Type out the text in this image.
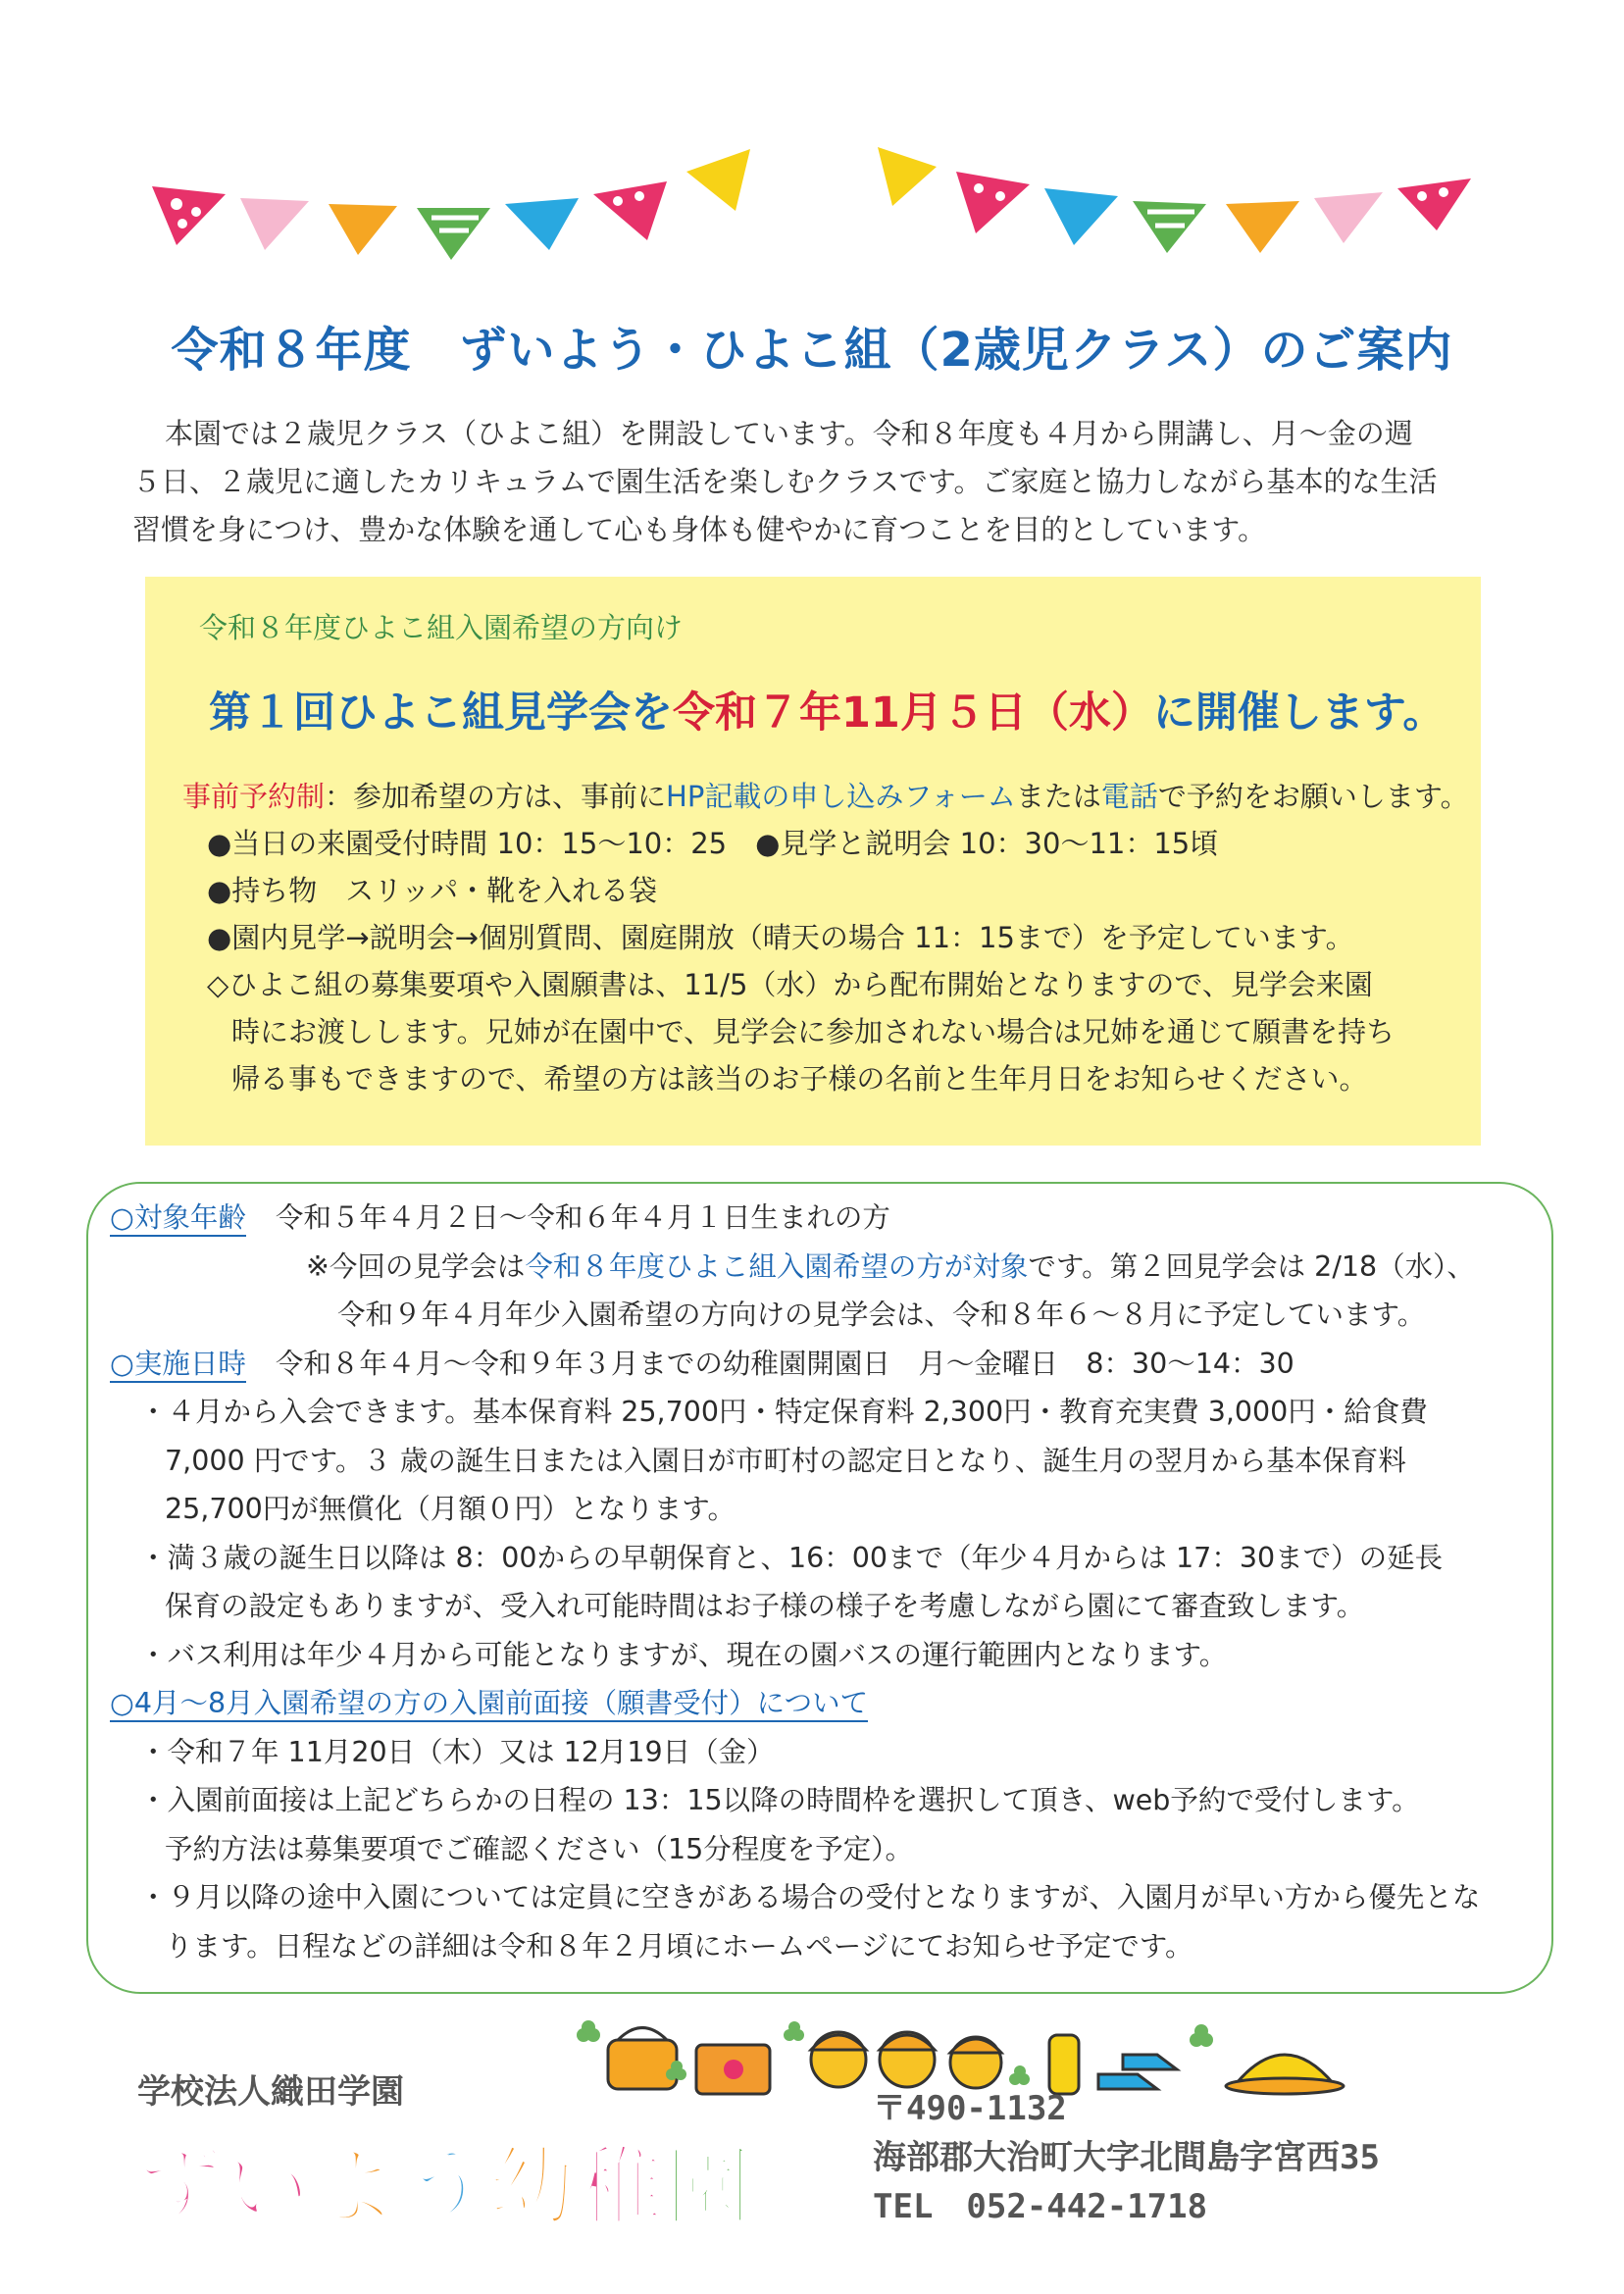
令和８年度　ずいよう・ひよこ組（2歳児クラス）のご案内

本園では２歳児クラス（ひよこ組）を開設しています。令和８年度も４月から開講し、月～金の週

５日、２歳児に適したカリキュラムで園生活を楽しむクラスです。ご家庭と協力しながら基本的な生活

習慣を身につけ、豊かな体験を通して心も身体も健やかに育つことを目的としています。

令和８年度ひよこ組入園希望の方向け
第１回ひよこ組見学会を令和７年11月５日（水）に開催します。

事前予約制：参加希望の方は、事前にHP記載の申し込みフォームまたは電話で予約をお願いします。

●当日の来園受付時間 10：15～10：25　●見学と説明会 10：30～11：15頃

●持ち物　スリッパ・靴を入れる袋

●園内見学→説明会→個別質問、園庭開放（晴天の場合 11：15まで）を予定しています。

◇ひよこ組の募集要項や入園願書は、11/5（水）から配布開始となりますので、見学会来園

時にお渡しします。兄姉が在園中で、見学会に参加されない場合は兄姉を通じて願書を持ち

帰る事もできますので、希望の方は該当のお子様の名前と生年月日をお知らせください。

○対象年齢 令和５年４月２日～令和６年４月１日生まれの方

※今回の見学会は令和８年度ひよこ組入園希望の方が対象です。第２回見学会は 2/18（水）、

令和９年４月年少入園希望の方向けの見学会は、令和８年６～８月に予定しています。

○実施日時 令和８年４月～令和９年３月までの幼稚園開園日　月～金曜日　8：30～14：30

・４月から入会できます。基本保育料 25,700円・特定保育料 2,300円・教育充実費 3,000円・給食費

7,000 円です。３ 歳の誕生日または入園日が市町村の認定日となり、誕生月の翌月から基本保育料

25,700円が無償化（月額０円）となります。

・満３歳の誕生日以降は 8：00からの早朝保育と、16：00まで（年少４月からは 17：30まで）の延長

保育の設定もありますが、受入れ可能時間はお子様の様子を考慮しながら園にて審査致します。

・バス利用は年少４月から可能となりますが、現在の園バスの運行範囲内となります。

○4月～8月入園希望の方の入園前面接（願書受付）について

・令和７年 11月20日（木）又は 12月19日（金）

・入園前面接は上記どちらかの日程の 13：15以降の時間枠を選択して頂き、web予約で受付します。

予約方法は募集要項でご確認ください（15分程度を予定）。

・９月以降の途中入園については定員に空きがある場合の受付となりますが、入園月が早い方から優先とな

ります。日程などの詳細は令和８年２月頃にホームページにてお知らせ予定です。

学校法人織田学園
ずいよう幼稚園
〒490-1132
海部郡大治町大字北間島字宮西35
TEL　052-442-1718
